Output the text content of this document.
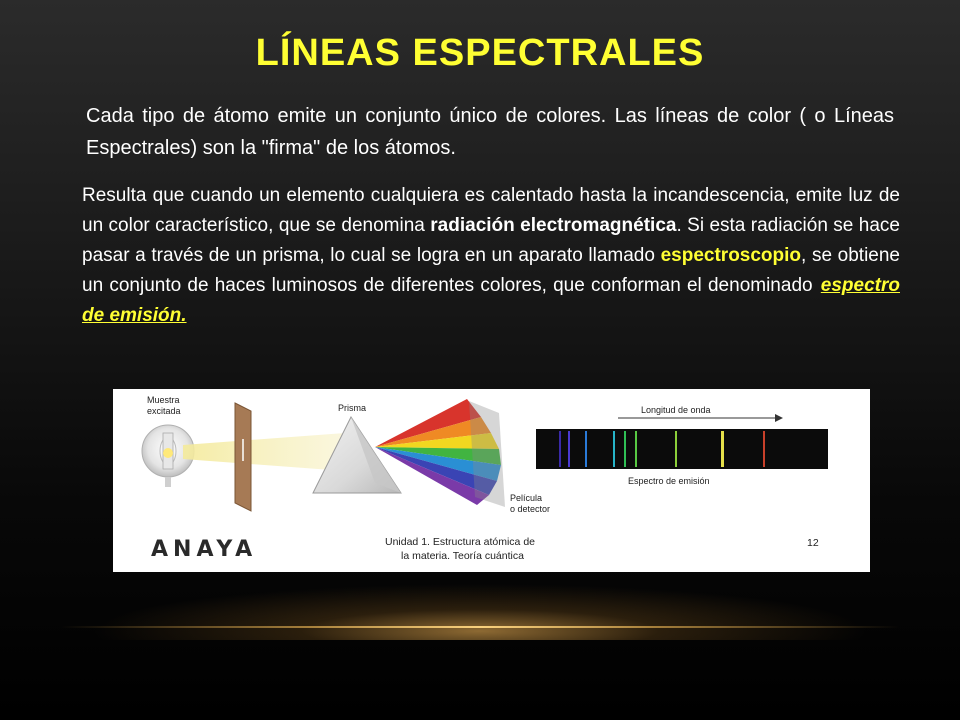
LÍNEAS ESPECTRALES
Cada tipo de átomo emite un conjunto único de colores. Las líneas de color ( o Líneas Espectrales) son la "firma" de los átomos.
Resulta que cuando un elemento cualquiera es calentado hasta la incandescencia, emite luz de un color característico, que se denomina radiación electromagnética. Si esta radiación se hace pasar a través de un prisma, lo cual se logra en un aparato llamado espectroscopio, se obtiene un conjunto de haces luminosos de diferentes colores, que conforman el denominado espectro de emisión.
Muestra
excitada	Prisma
Película
o detector
Longitud de onda
Espectro de emisión
ANAYA	Unidad 1. Estructura atómica de
la materia. Teoría cuántica
12
